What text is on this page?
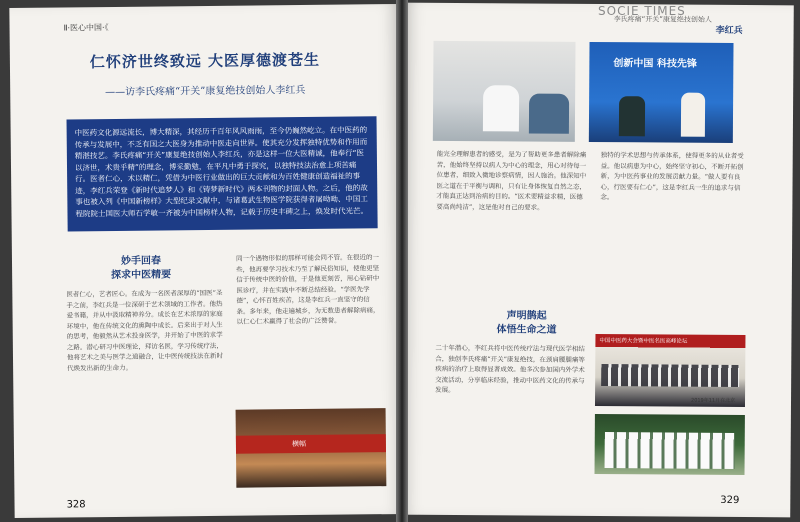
Ⅱ·医心中国·《
仁怀济世终致远 大医厚德渡苍生
——访李氏疼痛“开关”康复绝技创始人李红兵
中医药文化源远流长，博大精深，其经历千百年风风雨雨，至今仍巍然屹立。在中医药的传承与发展中，不乏有国之大医身为推动中医走向世界。使其充分发挥独特优势和作用而精湛技艺。李氏疼痛“开关”康复绝技创始人李红兵，亦是这样一位大医精诚，他奉行“医以济世，术贵乎精”的理念，博采勤勉，在平凡中勇于探究，以独特技法治愈上项苦痛行。医者仁心，术以精仁，凭借为中医行业做出的巨大贡献和为百姓健康创造福祉的事迹，李红兵荣登《新时代追梦人》和《铸梦新时代》两本刊物的封面人物。之后，他的故事也被入列《中国新榜样》大型纪录文献中，与诸葛武生物医学院获得者屠呦呦、中国工程院院士国医大师石学敏一齐被为中国榜样人物，记载于历史丰碑之上，焕发时代光芒。
妙手回春
探求中医精要
医者仁心，艺者匠心。在成为一名医者深厚的“国医”圣手之前，李红兵是一位深研于艺术领域的工作者。他热爱书籍，并从中汲取精神养分。成长在艺术浓厚的家庭环境中，他在传统文化的熏陶中成长。后来出于对人生的思考，他毅然从艺术投身医学，并开始了中医的求学之路。潜心研习中医理论，拜访名医，学习传统疗法，他将艺术之美与医学之道融合，让中医传统技法在新时代焕发出新的生命力。
同一个遇物形似的那样可能会同不管。在很近的一些，他再要学习技术乃至了解民俗知识，使他更坚信于传统中医的价值，于是他更刻苦，用心钻研中医诊疗，并在实践中不断总结经验。“学医先学德”，心怀百姓疾苦，这是李红兵一直坚守的信条。多年来，他走遍城乡，为无数患者解除病痛，以仁心仁术赢得了社会的广泛赞誉。
横幅
328
创新中国 科技先锋
李氏疼痛“开关”康复绝技创始人
李红兵
能完全理解患者的感受，是为了帮助更多患者解除痛苦，他始终坚持以病人为中心的理念，用心对待每一位患者，细致入微地诊察病情，因人施治。他深知中医之道在于平衡与调和，只有让身体恢复自然之态，才能真正达到治病的目的。“医术要精益求精，医德要高尚纯洁”，这是他对自己的要求。
独特的学术思想与传承体系，使得更多的从业者受益。他以病患为中心，始终坚守初心，不断开拓创新，为中医药事业的发展贡献力量。“做人要有良心，行医要有仁心”，这是李红兵一生的追求与信念。
声明鹊起
体悟生命之道
二十年潜心，李红兵将中医传统疗法与现代医学相结合，独创李氏疼痛“开关”康复绝技，在颈肩腰腿痛等疾病的治疗上取得显著成效。他多次参加国内外学术交流活动，分享临床经验，推动中医药文化的传承与发展。
中国中医药大会暨中医名医高峰论坛
2019年11月在北京
329
SOCIE TIMES
